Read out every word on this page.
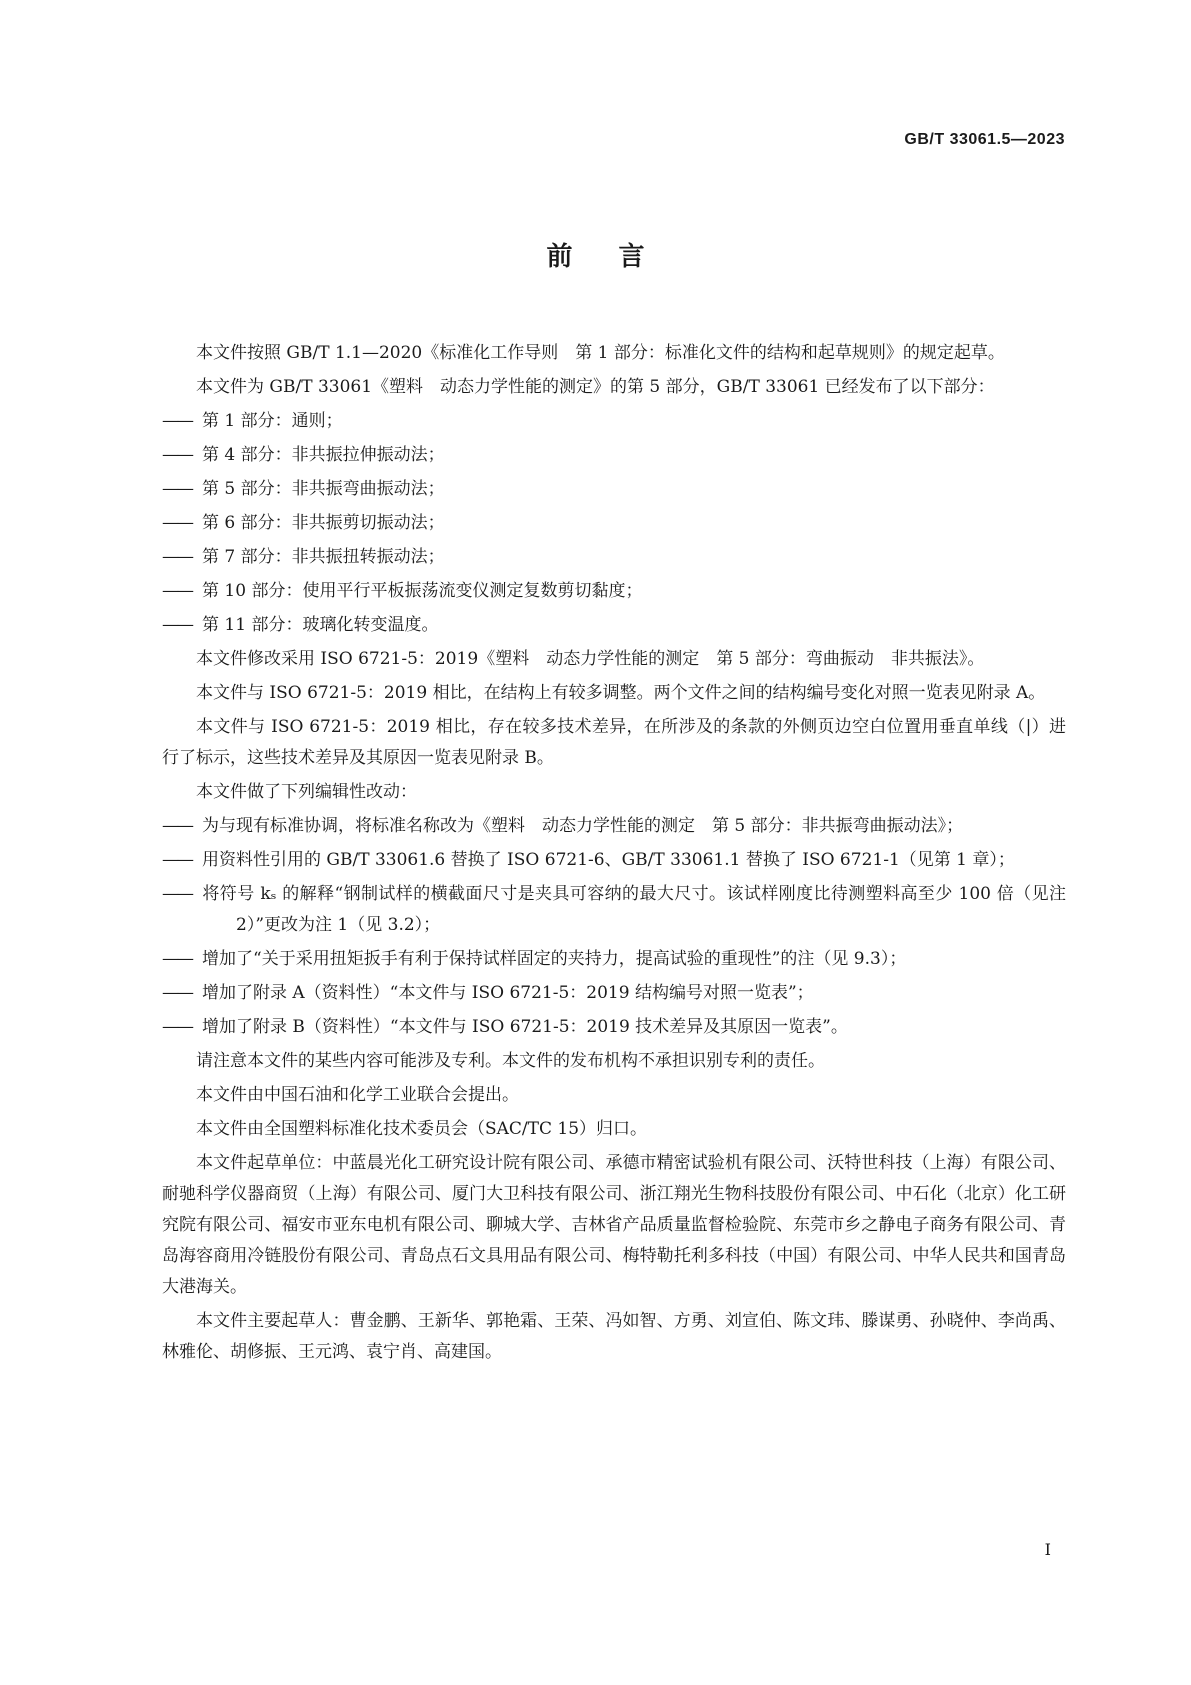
GB/T 33061.5—2023
前言

本文件按照 GB/T 1.1—2020《标准化工作导则　第 1 部分：标准化文件的结构和起草规则》的规定起草。

本文件为 GB/T 33061《塑料　动态力学性能的测定》的第 5 部分，GB/T 33061 已经发布了以下部分：

—— 第 1 部分：通则；
—— 第 4 部分：非共振拉伸振动法；
—— 第 5 部分：非共振弯曲振动法；
—— 第 6 部分：非共振剪切振动法；
—— 第 7 部分：非共振扭转振动法；
—— 第 10 部分：使用平行平板振荡流变仪测定复数剪切黏度；
—— 第 11 部分：玻璃化转变温度。

本文件修改采用 ISO 6721-5：2019《塑料　动态力学性能的测定　第 5 部分：弯曲振动　非共振法》。

本文件与 ISO 6721-5：2019 相比，在结构上有较多调整。两个文件之间的结构编号变化对照一览表见附录 A。

本文件与 ISO 6721-5：2019 相比，存在较多技术差异，在所涉及的条款的外侧页边空白位置用垂直单线（|）进行了标示，这些技术差异及其原因一览表见附录 B。

本文件做了下列编辑性改动：

—— 为与现有标准协调，将标准名称改为《塑料　动态力学性能的测定　第 5 部分：非共振弯曲振动法》；
—— 用资料性引用的 GB/T 33061.6 替换了 ISO 6721-6、GB/T 33061.1 替换了 ISO 6721-1（见第 1 章）；
—— 将符号 kₛ 的解释“钢制试样的横截面尺寸是夹具可容纳的最大尺寸。该试样刚度比待测塑料高至少 100 倍（见注 2）”更改为注 1（见 3.2）；
—— 增加了“关于采用扭矩扳手有利于保持试样固定的夹持力，提高试验的重现性”的注（见 9.3）；
—— 增加了附录 A（资料性）“本文件与 ISO 6721-5：2019 结构编号对照一览表”；
—— 增加了附录 B（资料性）“本文件与 ISO 6721-5：2019 技术差异及其原因一览表”。

请注意本文件的某些内容可能涉及专利。本文件的发布机构不承担识别专利的责任。

本文件由中国石油和化学工业联合会提出。

本文件由全国塑料标准化技术委员会（SAC/TC 15）归口。

本文件起草单位：中蓝晨光化工研究设计院有限公司、承德市精密试验机有限公司、沃特世科技（上海）有限公司、耐驰科学仪器商贸（上海）有限公司、厦门大卫科技有限公司、浙江翔光生物科技股份有限公司、中石化（北京）化工研究院有限公司、福安市亚东电机有限公司、聊城大学、吉林省产品质量监督检验院、东莞市乡之静电子商务有限公司、青岛海容商用冷链股份有限公司、青岛点石文具用品有限公司、梅特勒托利多科技（中国）有限公司、中华人民共和国青岛大港海关。

本文件主要起草人：曹金鹏、王新华、郭艳霜、王荣、冯如智、方勇、刘宣伯、陈文玮、滕谋勇、孙晓仲、李尚禹、林雅伦、胡修振、王元鸿、袁宁肖、高建国。

I
